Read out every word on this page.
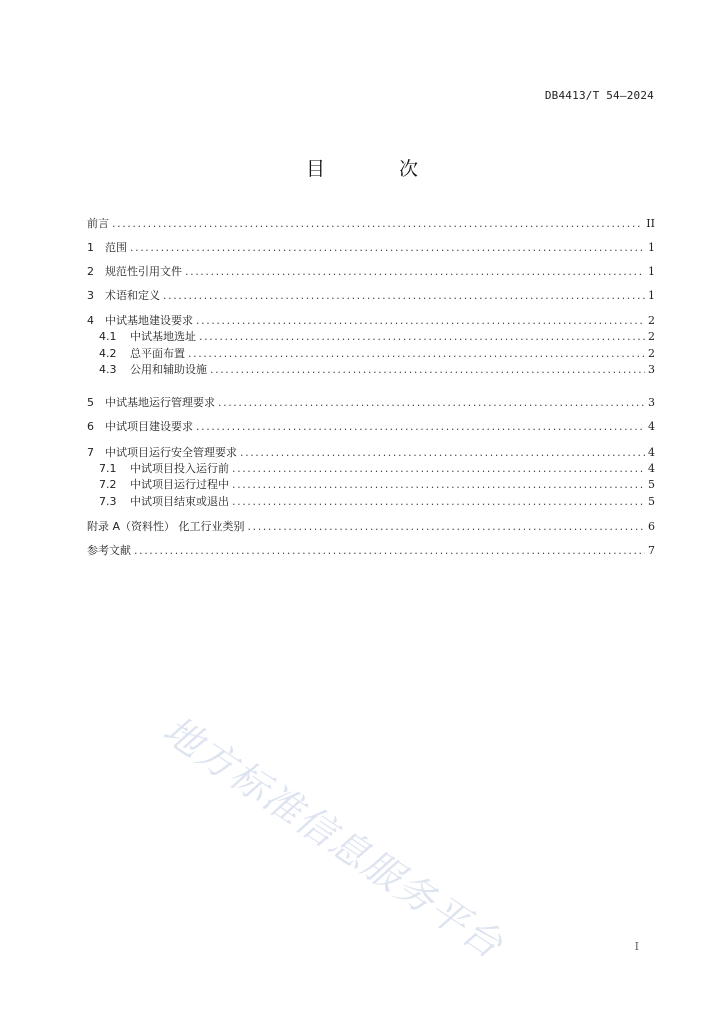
DB4413/T 54—2024
目 次
前言 .....	II
1	范围 .....	1
2	规范性引用文件 .....	1
3	术语和定义 .....	1
4	中试基地建设要求 .....	2
4.1	中试基地选址 .....	2
4.2	总平面布置 .....	2
4.3	公用和辅助设施 .....	3
5	中试基地运行管理要求 .....	3
6	中试项目建设要求 .....	4
7	中试项目运行安全管理要求 .....	4
7.1	中试项目投入运行前 .....	4
7.2	中试项目运行过程中 .....	5
7.3	中试项目结束或退出 .....	5
附录 A（资料性） 化工行业类别 .....	6
参考文献 .....	7
地方标准信息服务平台	I
